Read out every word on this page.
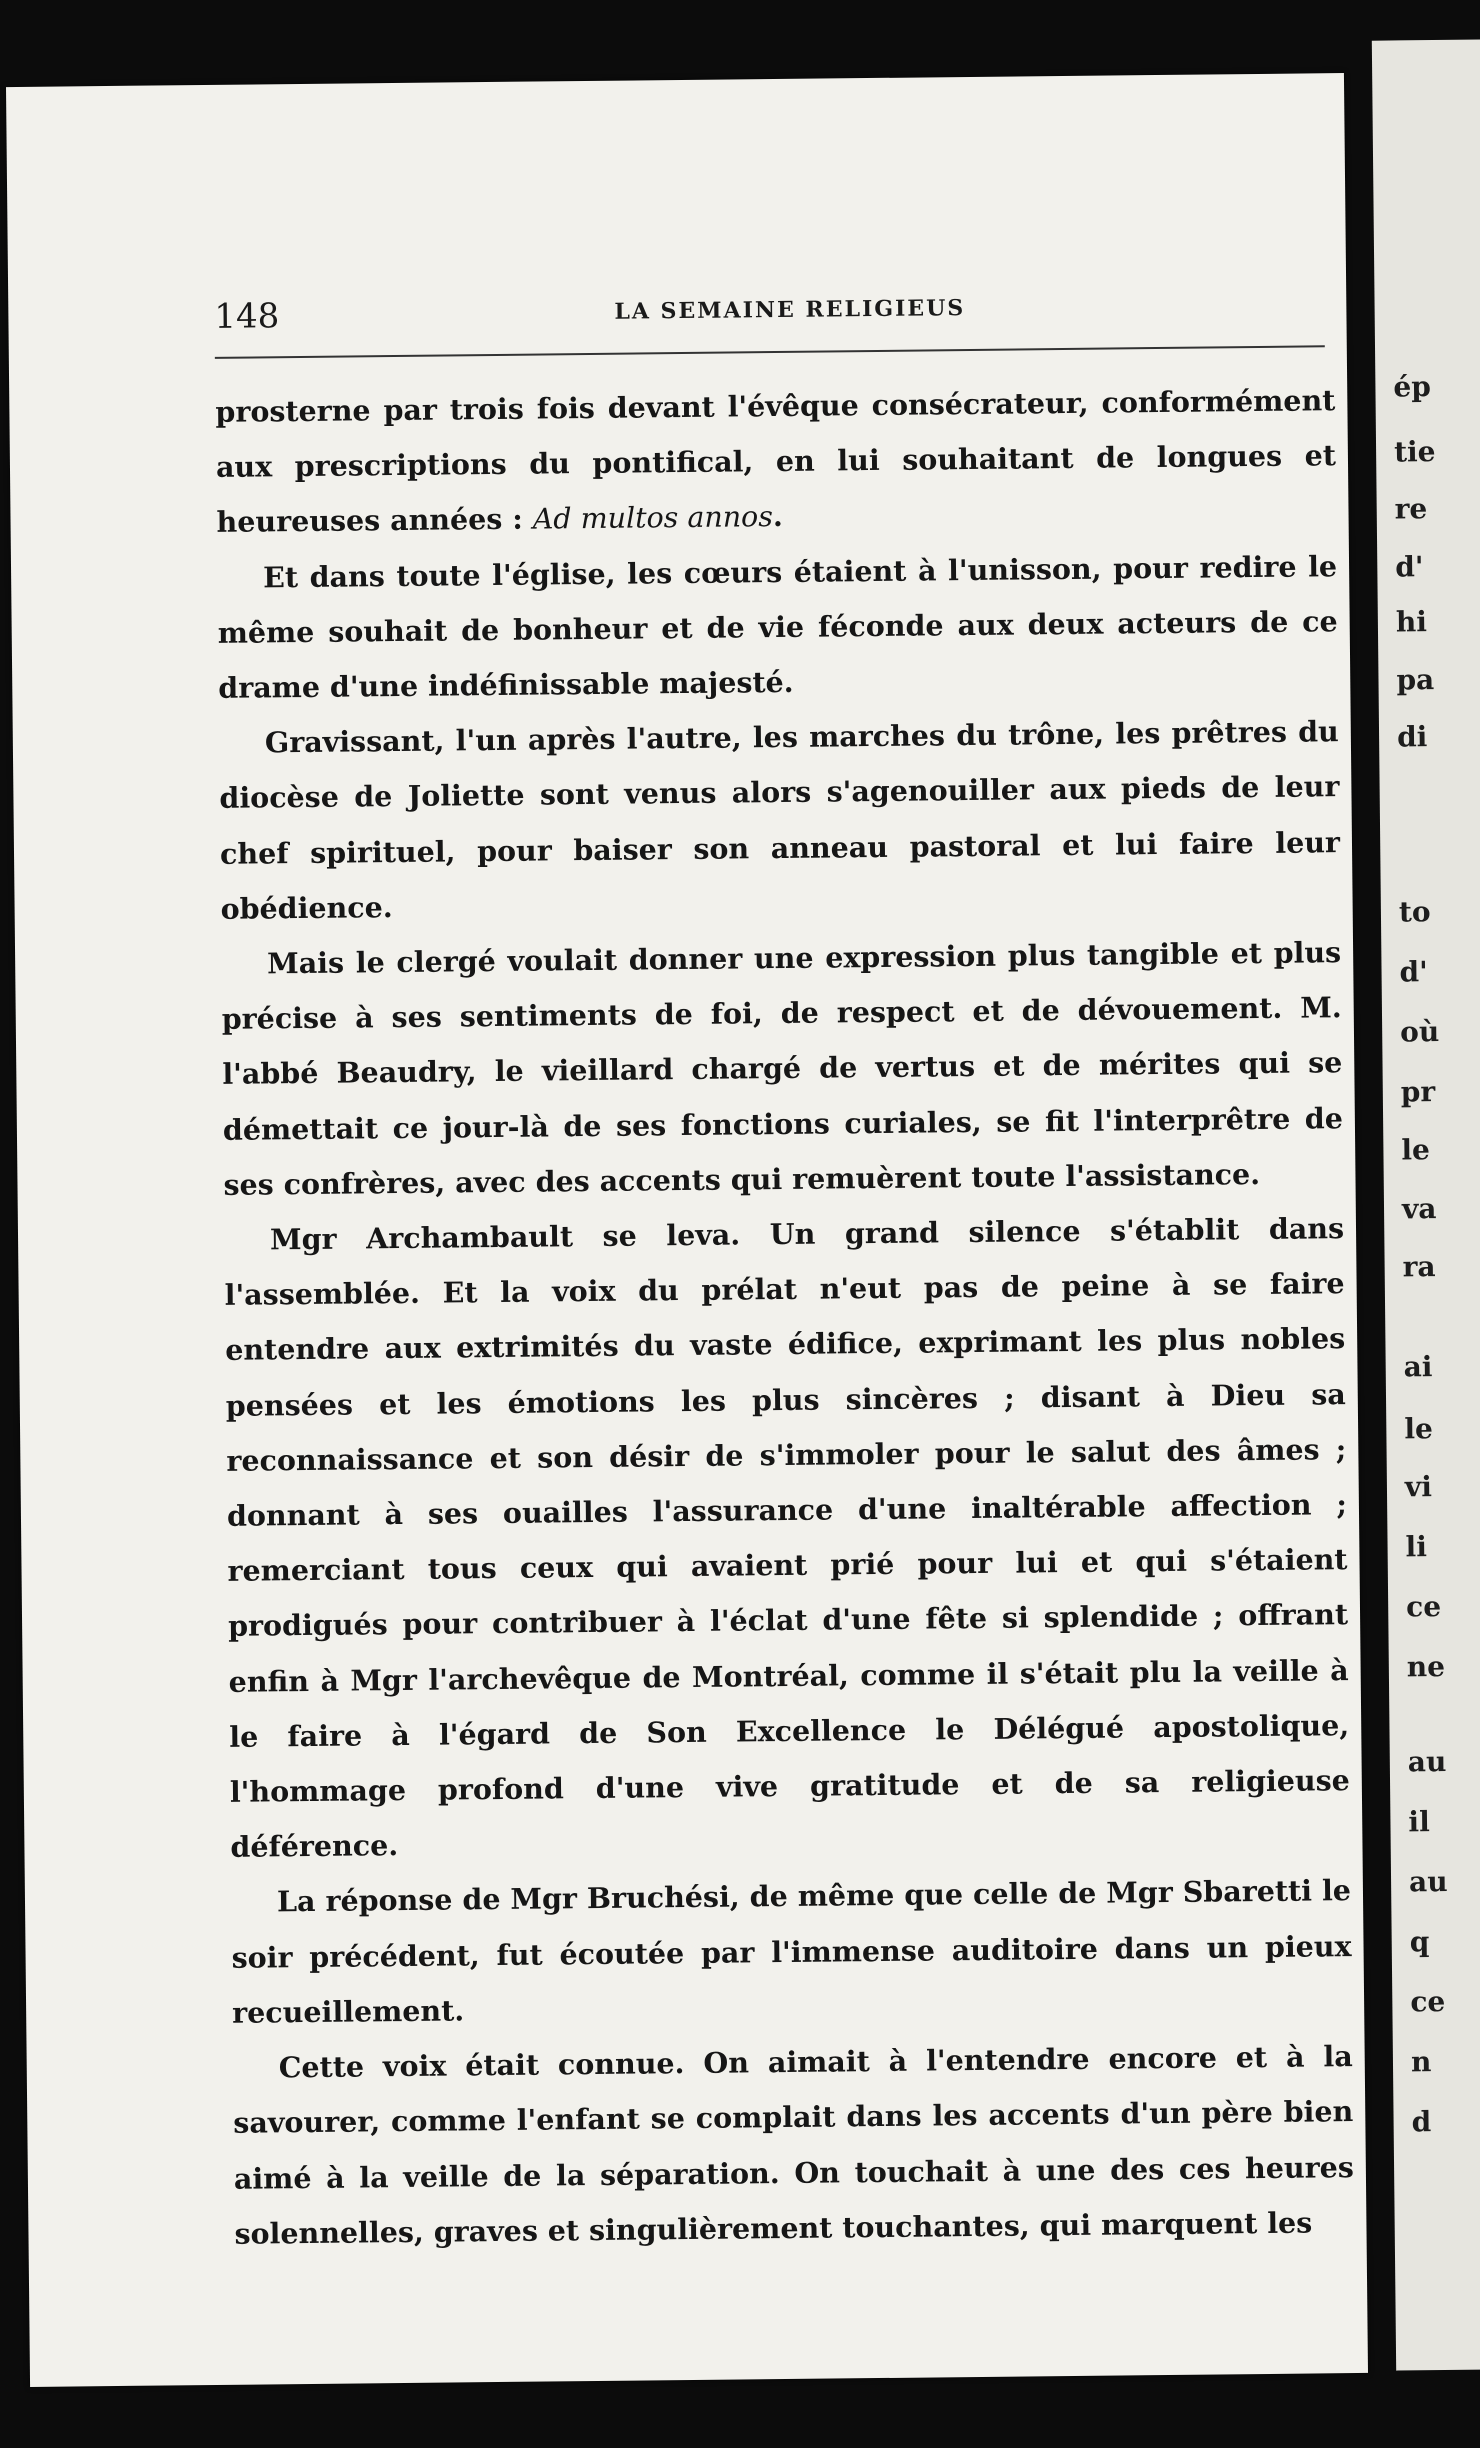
ép
tie
re
d'
hi
pa
di
to
d'
où
pr
le
va
ra
ai
le
vi
li
ce
ne
au
il
au
q
ce
n
d
148	LA SEMAINE RELIGIEUS

prosterne par trois fois devant l'évêque consécrateur, conformément aux prescriptions du pontifical, en lui souhaitant de longues et heureuses années : Ad multos annos.

Et dans toute l'église, les cœurs étaient à l'unisson, pour redire le même souhait de bonheur et de vie féconde aux deux acteurs de ce drame d'une indéfinissable majesté.

Gravissant, l'un après l'autre, les marches du trône, les prêtres du diocèse de Joliette sont venus alors s'agenouiller aux pieds de leur chef spirituel, pour baiser son anneau pastoral et lui faire leur obédience.

Mais le clergé voulait donner une expression plus tangible et plus précise à ses sentiments de foi, de respect et de dévouement. M. l'abbé Beaudry, le vieillard chargé de vertus et de mérites qui se démettait ce jour-là de ses fonctions curiales, se fit l'interprêtre de ses confrères, avec des accents qui remuèrent toute l'assistance.

Mgr Archambault se leva. Un grand silence s'établit dans l'assemblée. Et la voix du prélat n'eut pas de peine à se faire entendre aux extrimités du vaste édifice, exprimant les plus nobles pensées et les émotions les plus sincères ; disant à Dieu sa reconnaissance et son désir de s'immoler pour le salut des âmes ; donnant à ses ouailles l'assurance d'une inaltérable affection ; remerciant tous ceux qui avaient prié pour lui et qui s'étaient prodigués pour contribuer à l'éclat d'une fête si splendide ; offrant enfin à Mgr l'archevêque de Montréal, comme il s'était plu la veille à le faire à l'égard de Son Excellence le Délégué apostolique, l'hommage profond d'une vive gratitude et de sa religieuse déférence.

La réponse de Mgr Bruchési, de même que celle de Mgr Sbaretti le soir précédent, fut écoutée par l'immense auditoire dans un pieux recueillement.

Cette voix était connue. On aimait à l'entendre encore et à la savourer, comme l'enfant se complait dans les accents d'un père bien aimé à la veille de la séparation. On touchait à une des ces heures solennelles, graves et singulièrement touchantes, qui marquent les
